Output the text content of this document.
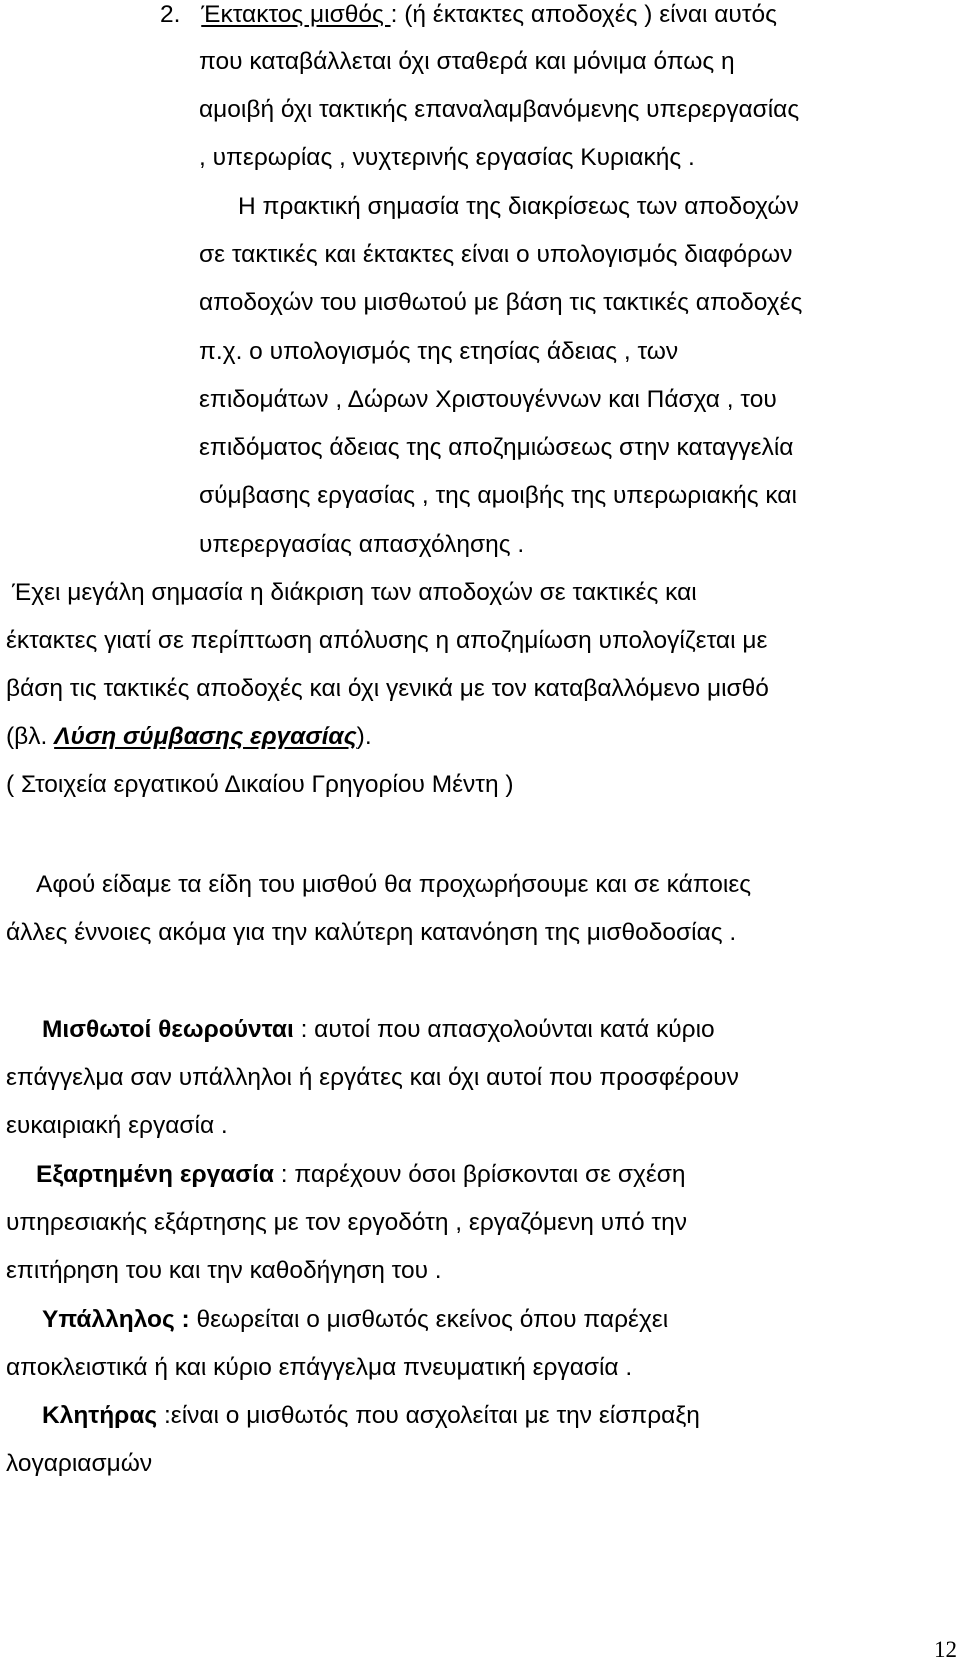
2. Έκτακτος μισθός : (ή έκτακτες αποδοχές ) είναι αυτός
που καταβάλλεται όχι σταθερά και μόνιμα όπως η
αμοιβή όχι τακτικής επαναλαμβανόμενης υπερεργασίας
, υπερωρίας , νυχτερινής εργασίας Κυριακής .
Η πρακτική σημασία της διακρίσεως των αποδοχών
σε τακτικές και έκτακτες είναι ο υπολογισμός διαφόρων
αποδοχών του μισθωτού με βάση τις τακτικές αποδοχές
π.χ. ο υπολογισμός της ετησίας άδειας , των
επιδομάτων , Δώρων Χριστουγέννων και Πάσχα , του
επιδόματος άδειας της αποζημιώσεως στην καταγγελία
σύμβασης εργασίας , της αμοιβής της υπερωριακής και
υπερεργασίας απασχόλησης .
Έχει μεγάλη σημασία η διάκριση των αποδοχών σε τακτικές και
έκτακτες γιατί σε περίπτωση απόλυσης η αποζημίωση υπολογίζεται με
βάση τις τακτικές αποδοχές και όχι γενικά με τον καταβαλλόμενο μισθό
(βλ. Λύση σύμβασης εργασίας).
( Στοιχεία εργατικού Δικαίου Γρηγορίου Μέντη )
Αφού είδαμε τα είδη του μισθού θα προχωρήσουμε και σε κάποιες
άλλες έννοιες ακόμα για την καλύτερη κατανόηση της μισθοδοσίας .
Μισθωτοί θεωρούνται : αυτοί που απασχολούνται κατά κύριο
επάγγελμα σαν υπάλληλοι ή εργάτες και όχι αυτοί που προσφέρουν
ευκαιριακή εργασία .
Εξαρτημένη εργασία : παρέχουν όσοι βρίσκονται σε σχέση
υπηρεσιακής εξάρτησης με τον εργοδότη , εργαζόμενη υπό την
επιτήρηση του και την καθοδήγηση του .
Υπάλληλος : θεωρείται ο μισθωτός εκείνος όπου παρέχει
αποκλειστικά ή και κύριο επάγγελμα πνευματική εργασία .
Κλητήρας :είναι ο μισθωτός που ασχολείται με την είσπραξη
λογαριασμών
12
